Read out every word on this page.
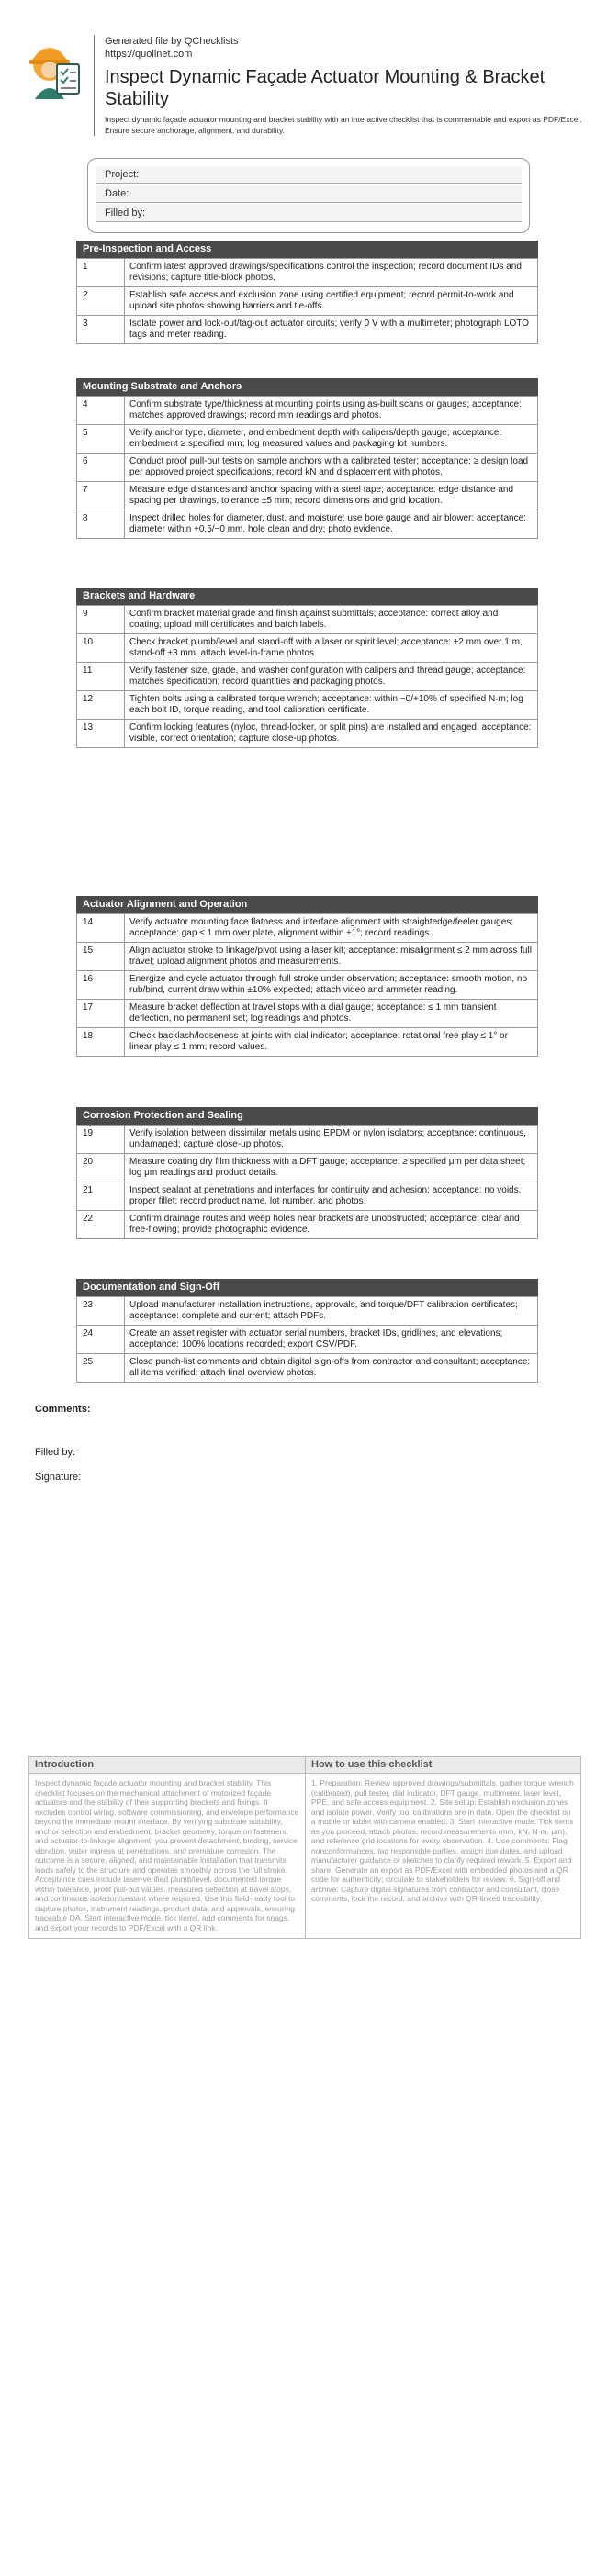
Generated file by QChecklists
https://quollnet.com
Inspect Dynamic Façade Actuator Mounting & Bracket Stability
Inspect dynamic façade actuator mounting and bracket stability with an interactive checklist that is commentable and export as PDF/Excel. Ensure secure anchorage, alignment, and durability.
Project:
Date:
Filled by:
Pre-Inspection and Access
1	Confirm latest approved drawings/specifications control the inspection; record document IDs and revisions; capture title-block photos.
2	Establish safe access and exclusion zone using certified equipment; record permit-to-work and upload site photos showing barriers and tie-offs.
3	Isolate power and lock-out/tag-out actuator circuits; verify 0 V with a multimeter; photograph LOTO tags and meter reading.
Mounting Substrate and Anchors
4	Confirm substrate type/thickness at mounting points using as-built scans or gauges; acceptance: matches approved drawings; record mm readings and photos.
5	Verify anchor type, diameter, and embedment depth with calipers/depth gauge; acceptance: embedment ≥ specified mm; log measured values and packaging lot numbers.
6	Conduct proof pull-out tests on sample anchors with a calibrated tester; acceptance: ≥ design load per approved project specifications; record kN and displacement with photos.
7	Measure edge distances and anchor spacing with a steel tape; acceptance: edge distance and spacing per drawings, tolerance ±5 mm; record dimensions and grid location.
8	Inspect drilled holes for diameter, dust, and moisture; use bore gauge and air blower; acceptance: diameter within +0.5/−0 mm, hole clean and dry; photo evidence.
Brackets and Hardware
9	Confirm bracket material grade and finish against submittals; acceptance: correct alloy and coating; upload mill certificates and batch labels.
10	Check bracket plumb/level and stand-off with a laser or spirit level; acceptance: ±2 mm over 1 m, stand-off ±3 mm; attach level-in-frame photos.
11	Verify fastener size, grade, and washer configuration with calipers and thread gauge; acceptance: matches specification; record quantities and packaging photos.
12	Tighten bolts using a calibrated torque wrench; acceptance: within −0/+10% of specified N·m; log each bolt ID, torque reading, and tool calibration certificate.
13	Confirm locking features (nyloc, thread-locker, or split pins) are installed and engaged; acceptance: visible, correct orientation; capture close-up photos.
Actuator Alignment and Operation
14	Verify actuator mounting face flatness and interface alignment with straightedge/feeler gauges; acceptance: gap ≤ 1 mm over plate, alignment within ±1°; record readings.
15	Align actuator stroke to linkage/pivot using a laser kit; acceptance: misalignment ≤ 2 mm across full travel; upload alignment photos and measurements.
16	Energize and cycle actuator through full stroke under observation; acceptance: smooth motion, no rub/bind, current draw within ±10% expected; attach video and ammeter reading.
17	Measure bracket deflection at travel stops with a dial gauge; acceptance: ≤ 1 mm transient deflection, no permanent set; log readings and photos.
18	Check backlash/looseness at joints with dial indicator; acceptance: rotational free play ≤ 1° or linear play ≤ 1 mm; record values.
Corrosion Protection and Sealing
19	Verify isolation between dissimilar metals using EPDM or nylon isolators; acceptance: continuous, undamaged; capture close-up photos.
20	Measure coating dry film thickness with a DFT gauge; acceptance: ≥ specified μm per data sheet; log μm readings and product details.
21	Inspect sealant at penetrations and interfaces for continuity and adhesion; acceptance: no voids, proper fillet; record product name, lot number, and photos.
22	Confirm drainage routes and weep holes near brackets are unobstructed; acceptance: clear and free-flowing; provide photographic evidence.
Documentation and Sign-Off
23	Upload manufacturer installation instructions, approvals, and torque/DFT calibration certificates; acceptance: complete and current; attach PDFs.
24	Create an asset register with actuator serial numbers, bracket IDs, gridlines, and elevations; acceptance: 100% locations recorded; export CSV/PDF.
25	Close punch-list comments and obtain digital sign-offs from contractor and consultant; acceptance: all items verified; attach final overview photos.
Comments:
Filled by:
Signature:
Introduction
Inspect dynamic façade actuator mounting and bracket stability. This checklist focuses on the mechanical attachment of motorized façade actuators and the stability of their supporting brackets and fixings. It excludes control wiring, software commissioning, and envelope performance beyond the immediate mount interface. By verifying substrate suitability, anchor selection and embedment, bracket geometry, torque on fasteners, and actuator-to-linkage alignment, you prevent detachment, binding, service vibration, water ingress at penetrations, and premature corrosion. The outcome is a secure, aligned, and maintainable installation that transmits loads safely to the structure and operates smoothly across the full stroke. Acceptance cues include laser-verified plumb/level, documented torque within tolerance, proof pull-out values, measured deflection at travel stops, and continuous isolation/sealant where required. Use this field-ready tool to capture photos, instrument readings, product data, and approvals, ensuring traceable QA. Start interactive mode, tick items, add comments for snags, and export your records to PDF/Excel with a QR link.
How to use this checklist
1. Preparation: Review approved drawings/submittals, gather torque wrench (calibrated), pull tester, dial indicator, DFT gauge, multimeter, laser level, PPE, and safe access equipment. 2. Site setup: Establish exclusion zones and isolate power. Verify tool calibrations are in date. Open the checklist on a mobile or tablet with camera enabled. 3. Start interactive mode: Tick items as you proceed, attach photos, record measurements (mm, kN, N·m, μm), and reference grid locations for every observation. 4. Use comments: Flag nonconformances, tag responsible parties, assign due dates, and upload manufacturer guidance or sketches to clarify required rework. 5. Export and share: Generate an export as PDF/Excel with embedded photos and a QR code for authenticity; circulate to stakeholders for review. 6. Sign-off and archive: Capture digital signatures from contractor and consultant, close comments, lock the record, and archive with QR-linked traceability.
